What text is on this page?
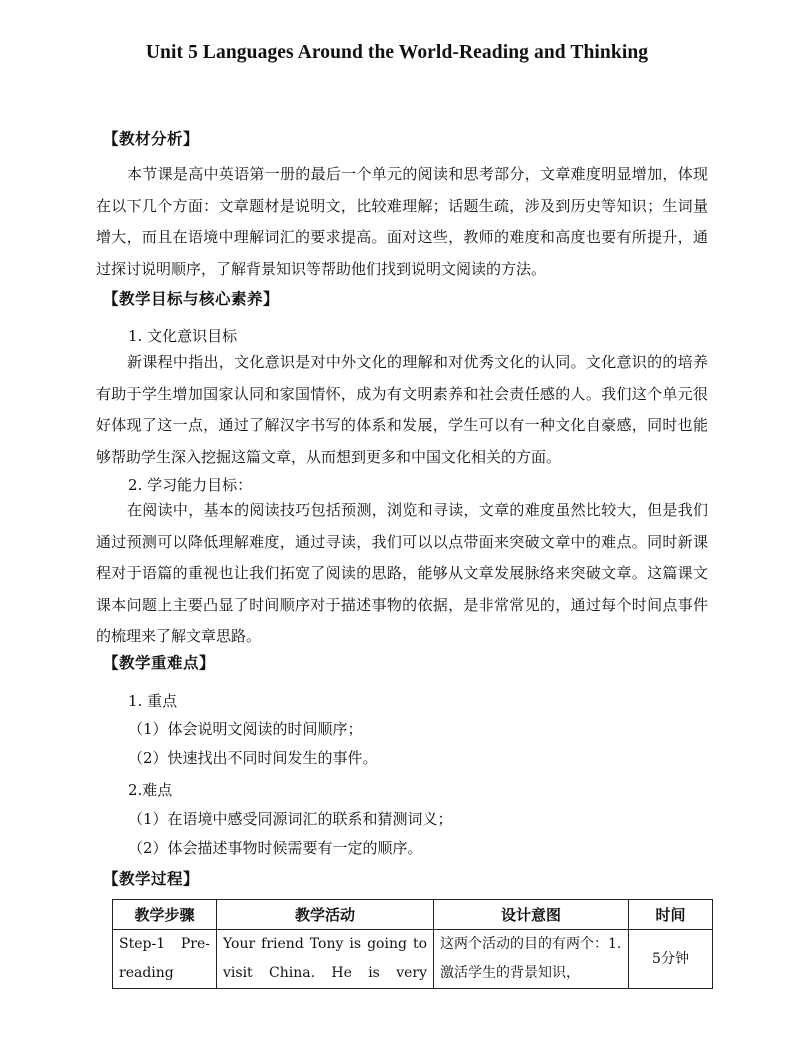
Unit 5 Languages Around the World-Reading and Thinking
【教材分析】

本节课是高中英语第一册的最后一个单元的阅读和思考部分，文章难度明显增加，体现在以下几个方面：文章题材是说明文，比较难理解；话题生疏，涉及到历史等知识；生词量增大，而且在语境中理解词汇的要求提高。面对这些，教师的难度和高度也要有所提升，通过探讨说明顺序，了解背景知识等帮助他们找到说明文阅读的方法。

【教学目标与核心素养】
1. 文化意识目标

新课程中指出，文化意识是对中外文化的理解和对优秀文化的认同。文化意识的的培养有助于学生增加国家认同和家国情怀，成为有文明素养和社会责任感的人。我们这个单元很好体现了这一点，通过了解汉字书写的体系和发展，学生可以有一种文化自豪感，同时也能够帮助学生深入挖掘这篇文章，从而想到更多和中国文化相关的方面。

2. 学习能力目标：

在阅读中，基本的阅读技巧包括预测，浏览和寻读，文章的难度虽然比较大，但是我们通过预测可以降低理解难度，通过寻读，我们可以以点带面来突破文章中的难点。同时新课程对于语篇的重视也让我们拓宽了阅读的思路，能够从文章发展脉络来突破文章。这篇课文课本问题上主要凸显了时间顺序对于描述事物的依据，是非常常见的，通过每个时间点事件的梳理来了解文章思路。

【教学重难点】
1. 重点
（1）体会说明文阅读的时间顺序；
（2）快速找出不同时间发生的事件。
2.难点
（1）在语境中感受同源词汇的联系和猜测词义；
（2）体会描述事物时候需要有一定的顺序。
【教学过程】
教学步骤	教学活动	设计意图	时间
Step-1 Pre-reading	Your friend Tony is going to visit China. He is very	这两个活动的目的有两个：1. 激活学生的背景知识，	5分钟
